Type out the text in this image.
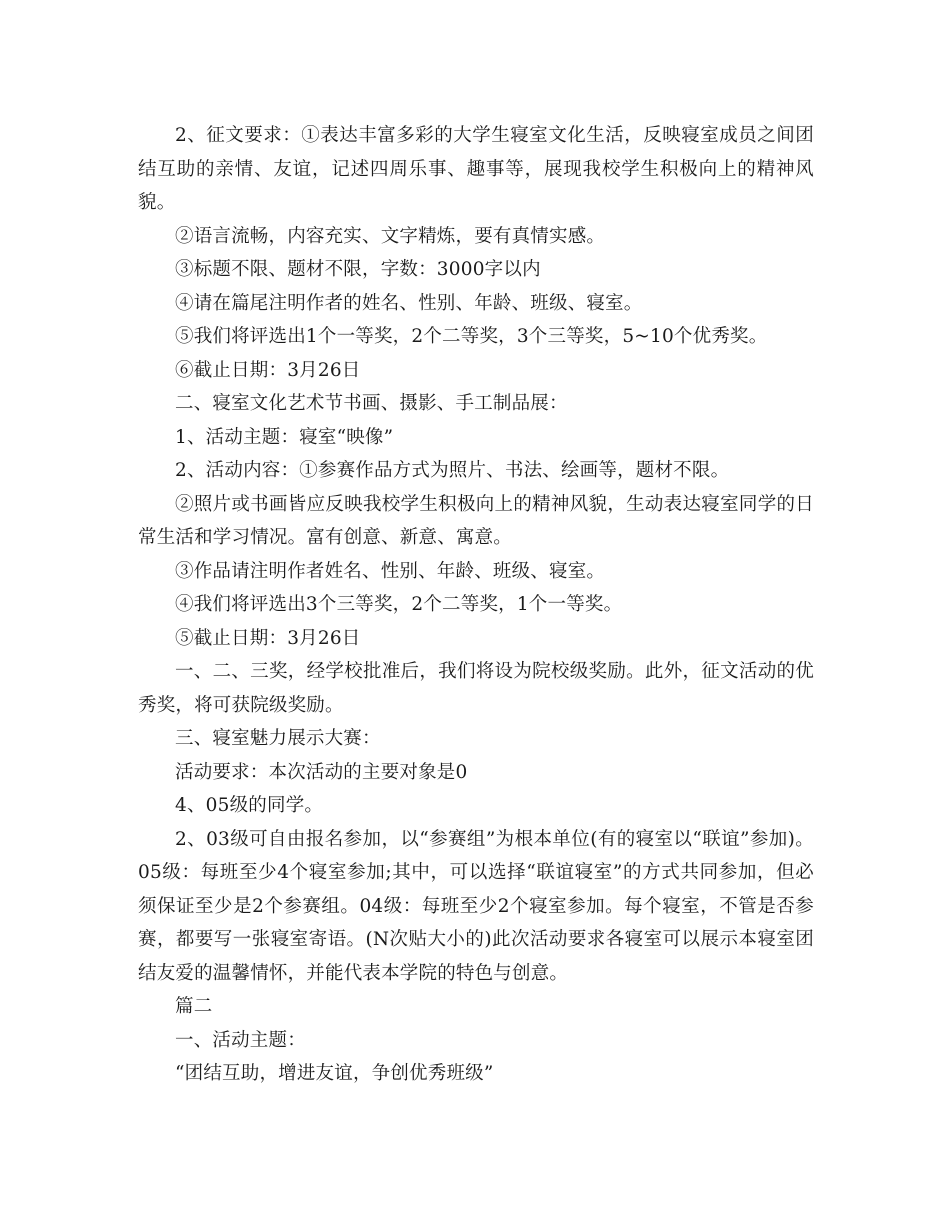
2、征文要求：①表达丰富多彩的大学生寝室文化生活，反映寝室成员之间团结互助的亲情、友谊，记述四周乐事、趣事等，展现我校学生积极向上的精神风貌。

②语言流畅，内容充实、文字精炼，要有真情实感。

③标题不限、题材不限，字数：3000字以内

④请在篇尾注明作者的姓名、性别、年龄、班级、寝室。

⑤我们将评选出1个一等奖，2个二等奖，3个三等奖，5~10个优秀奖。

⑥截止日期：3月26日

二、寝室文化艺术节书画、摄影、手工制品展：

1、活动主题：寝室“映像”

2、活动内容：①参赛作品方式为照片、书法、绘画等，题材不限。

②照片或书画皆应反映我校学生积极向上的精神风貌，生动表达寝室同学的日常生活和学习情况。富有创意、新意、寓意。

③作品请注明作者姓名、性别、年龄、班级、寝室。

④我们将评选出3个三等奖，2个二等奖，1个一等奖。

⑤截止日期：3月26日

一、二、三奖，经学校批准后，我们将设为院校级奖励。此外，征文活动的优秀奖，将可获院级奖励。

三、寝室魅力展示大赛：

活动要求：本次活动的主要对象是0

4、05级的同学。

2、03级可自由报名参加，以“参赛组”为根本单位(有的寝室以“联谊”参加)。05级：每班至少4个寝室参加;其中，可以选择“联谊寝室”的方式共同参加，但必须保证至少是2个参赛组。04级：每班至少2个寝室参加。每个寝室，不管是否参赛，都要写一张寝室寄语。(N次贴大小的)此次活动要求各寝室可以展示本寝室团结友爱的温馨情怀，并能代表本学院的特色与创意。

篇二

一、活动主题：

“团结互助，增进友谊，争创优秀班级”
